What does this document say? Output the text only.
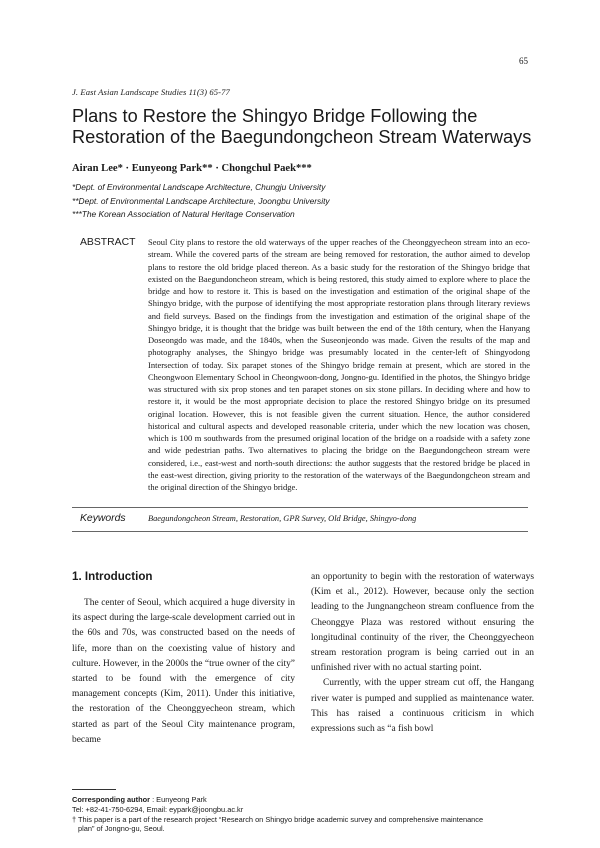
65
J. East Asian Landscape Studies 11(3) 65-77
Plans to Restore the Shingyo Bridge Following the Restoration of the Baegundongcheon Stream Waterways
Airan Lee* · Eunyeong Park** · Chongchul Paek***
*Dept. of Environmental Landscape Architecture, Chungju University
**Dept. of Environmental Landscape Architecture, Joongbu University
***The Korean Association of Natural Heritage Conservation
ABSTRACT Seoul City plans to restore the old waterways of the upper reaches of the Cheonggyecheon stream into an eco-stream. While the covered parts of the stream are being removed for restoration, the author aimed to develop plans to restore the old bridge placed thereon. As a basic study for the restoration of the Shingyo bridge that existed on the Baegundoncheon stream, which is being restored, this study aimed to explore where to place the bridge and how to restore it. This is based on the investigation and estimation of the original shape of the Shingyo bridge, with the purpose of identifying the most appropriate restoration plans through literary reviews and field surveys. Based on the findings from the investigation and estimation of the original shape of the Shingyo bridge, it is thought that the bridge was built between the end of the 18th century, when the Hanyang Doseongdo was made, and the 1840s, when the Suseonjeondo was made. Given the results of the map and photography analyses, the Shingyo bridge was presumably located in the center-left of Shingyodong Intersection of today. Six parapet stones of the Shingyo bridge remain at present, which are stored in the Cheongwoon Elementary School in Cheongwoon-dong, Jongno-gu. Identified in the photos, the Shingyo bridge was structured with six prop stones and ten parapet stones on six stone pillars. In deciding where and how to restore it, it would be the most appropriate decision to place the restored Shingyo bridge on its presumed original location. However, this is not feasible given the current situation. Hence, the author considered historical and cultural aspects and developed reasonable criteria, under which the new location was chosen, which is 100 m southwards from the presumed original location of the bridge on a roadside with a safety zone and wide pedestrian paths. Two alternatives to placing the bridge on the Baegundongcheon stream were considered, i.e., east-west and north-south directions: the author suggests that the restored bridge be placed in the east-west direction, giving priority to the restoration of the waterways of the Baegundongcheon stream and the original direction of the Shingyo bridge.

Keywords	Baegundongcheon Stream, Restoration, GPR Survey, Old Bridge, Shingyo-dong
1. Introduction

The center of Seoul, which acquired a huge diversity in its aspect during the large-scale development carried out in the 60s and 70s, was constructed based on the needs of life, more than on the coexisting value of history and culture. However, in the 2000s the “true owner of the city” started to be found with the emergence of city management concepts (Kim, 2011). Under this initiative, the restoration of the Cheonggyecheon stream, which started as part of the Seoul City maintenance program, became

an opportunity to begin with the restoration of waterways (Kim et al., 2012). However, because only the section leading to the Jungnangcheon stream confluence from the Cheonggye Plaza was restored without ensuring the longitudinal continuity of the river, the Cheonggyecheon stream restoration program is being carried out in an unfinished river with no actual starting point.

Currently, with the upper stream cut off, the Hangang river water is pumped and supplied as maintenance water. This has raised a continuous criticism in which expressions such as “a fish bowl

Corresponding author : Eunyeong Park
Tel: +82-41-750-6294, Email: eypark@joongbu.ac.kr
† This paper is a part of the research project “Research on Shingyo bridge academic survey and comprehensive maintenance
plan” of Jongno-gu, Seoul.
